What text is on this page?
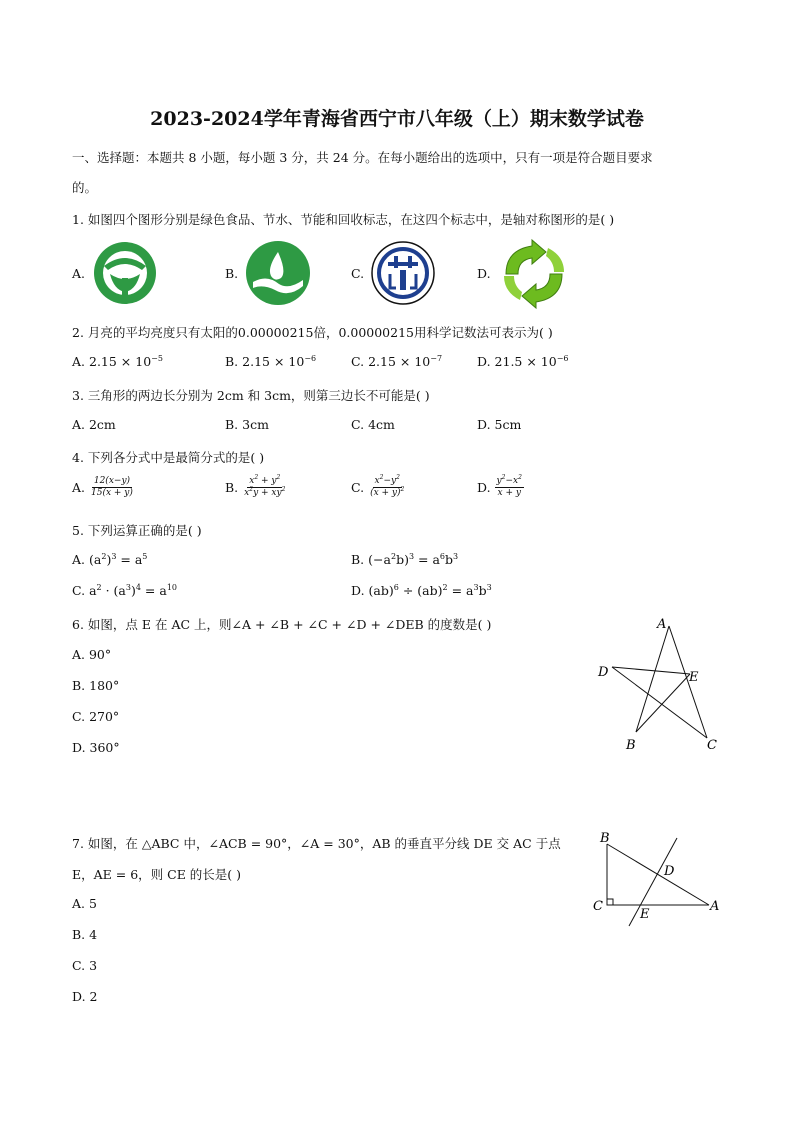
2023-2024学年青海省西宁市八年级（上）期末数学试卷
一、选择题：本题共 8 小题，每小题 3 分，共 24 分。在每小题给出的选项中，只有一项是符合题目要求
的。
1. 如图四个图形分别是绿色食品、节水、节能和回收标志，在这四个标志中，是轴对称图形的是( )
A.	B.	C.	D.
2. 月亮的平均亮度只有太阳的0.00000215倍，0.00000215用科学记数法可表示为( )
A. $2.15 \times 10^{-5}$	B. $2.15 \times 10^{-6}$	C. $2.15 \times 10^{-7}$	D. $21.5 \times 10^{-6}$
3. 三角形的两边长分别为 2cm 和 3cm，则第三边长不可能是( )
A. 2cm	B. 3cm	C. 4cm	D. 5cm
4. 下列各分式中是最简分式的是( )
A. $\frac{12(x-y)}{15(x + y)}$	B. $\frac{x^2 + y^2}{x^2y + xy^2}$	C. $\frac{x^2-y^2}{(x + y)^2}$	D. $\frac{y^2-x^2}{x + y}$
5. 下列运算正确的是( )
A. $(a^2)^3 = a^5$	B. $(-a^2b)^3 = a^6b^3$
C. $a^2 \cdot (a^3)^4 = a^{10}$	D. $(ab)^6 \div (ab)^2 = a^3b^3$
6. 如图，点 E 在 AC 上，则∠A + ∠B + ∠C + ∠D + ∠DEB 的度数是( )
A. 90°
B. 180°
C. 270°
D. 360°
A
D	E
B	C
7. 如图，在 △ABC 中，∠ACB = 90°，∠A = 30°，AB 的垂直平分线 DE 交 AC 于点
E，AE = 6，则 CE 的长是( )
A. 5
B. 4
C. 3
D. 2
B
D
C
E
A
